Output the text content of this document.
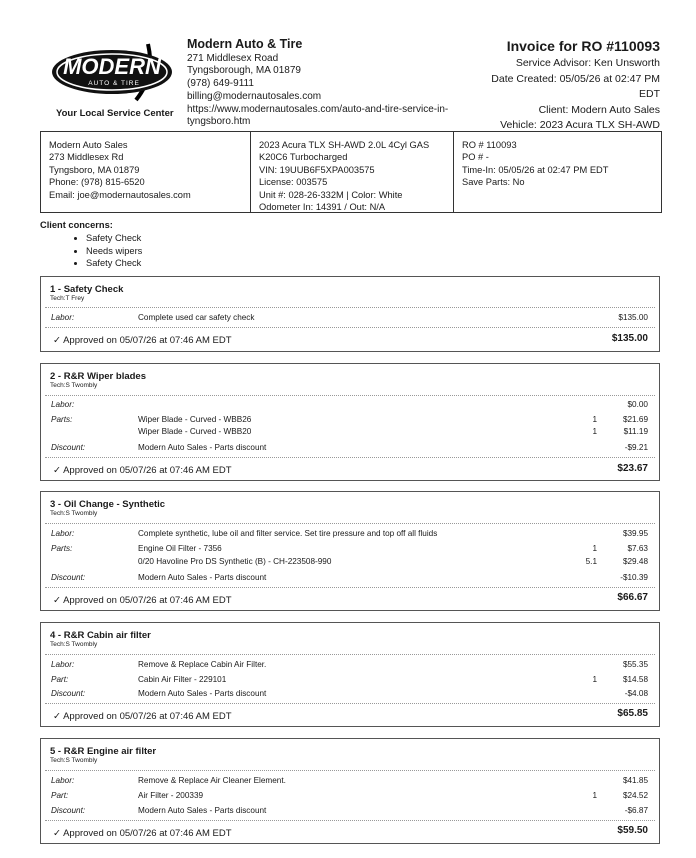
MODERN
AUTO & TIRE
Your Local Service Center
Modern Auto & Tire
271 Middlesex Road
Tyngsborough, MA 01879
(978) 649-9111
billing@modernautosales.com
https://www.modernautosales.com/auto-and-tire-service-in-
tyngsboro.htm
Invoice for RO #110093
Service Advisor: Ken Unsworth
Date Created: 05/05/26 at 02:47 PM
EDT
Client: Modern Auto Sales
Vehicle: 2023 Acura TLX SH-AWD
Modern Auto Sales
273 Middlesex Rd
Tyngsboro, MA 01879
Phone: (978) 815-6520
Email: joe@modernautosales.com
2023 Acura TLX SH-AWD 2.0L 4Cyl GAS
K20C6 Turbocharged
VIN: 19UUB6F5XPA003575
License: 003575
Unit #: 028-26-332M | Color: White
Odometer In: 14391 / Out: N/A
RO # 110093
PO # -
Time-In: 05/05/26 at 02:47 PM EDT
Save Parts: No
Client concerns:
• Safety Check
• Needs wipers
• Safety Check
1 - Safety Check
Tech:T Frey
Labor:	Complete used car safety check	$135.00
✓ Approved on 05/07/26 at 07:46 AM EDT	$135.00
2 - R&R Wiper blades
Tech:S Twombly
Labor:	$0.00
Parts:	Wiper Blade - Curved - WBB26	1	$21.69
Wiper Blade - Curved - WBB20	1	$11.19
Discount:	Modern Auto Sales - Parts discount	-$9.21
✓ Approved on 05/07/26 at 07:46 AM EDT	$23.67
3 - Oil Change - Synthetic
Tech:S Twombly
Labor:	Complete synthetic, lube oil and filter service. Set tire pressure and top off all fluids	$39.95
Parts:	Engine Oil Filter - 7356	1	$7.63
0/20 Havoline Pro DS Synthetic (B) - CH-223508-990	5.1	$29.48
Discount:	Modern Auto Sales - Parts discount	-$10.39
✓ Approved on 05/07/26 at 07:46 AM EDT	$66.67
4 - R&R Cabin air filter
Tech:S Twombly
Labor:	Remove & Replace Cabin Air Filter.	$55.35
Part:	Cabin Air Filter - 229101	1	$14.58
Discount:	Modern Auto Sales - Parts discount	-$4.08
✓ Approved on 05/07/26 at 07:46 AM EDT	$65.85
5 - R&R Engine air filter
Tech:S Twombly
Labor:	Remove & Replace Air Cleaner Element.	$41.85
Part:	Air Filter - 200339	1	$24.52
Discount:	Modern Auto Sales - Parts discount	-$6.87
✓ Approved on 05/07/26 at 07:46 AM EDT	$59.50
